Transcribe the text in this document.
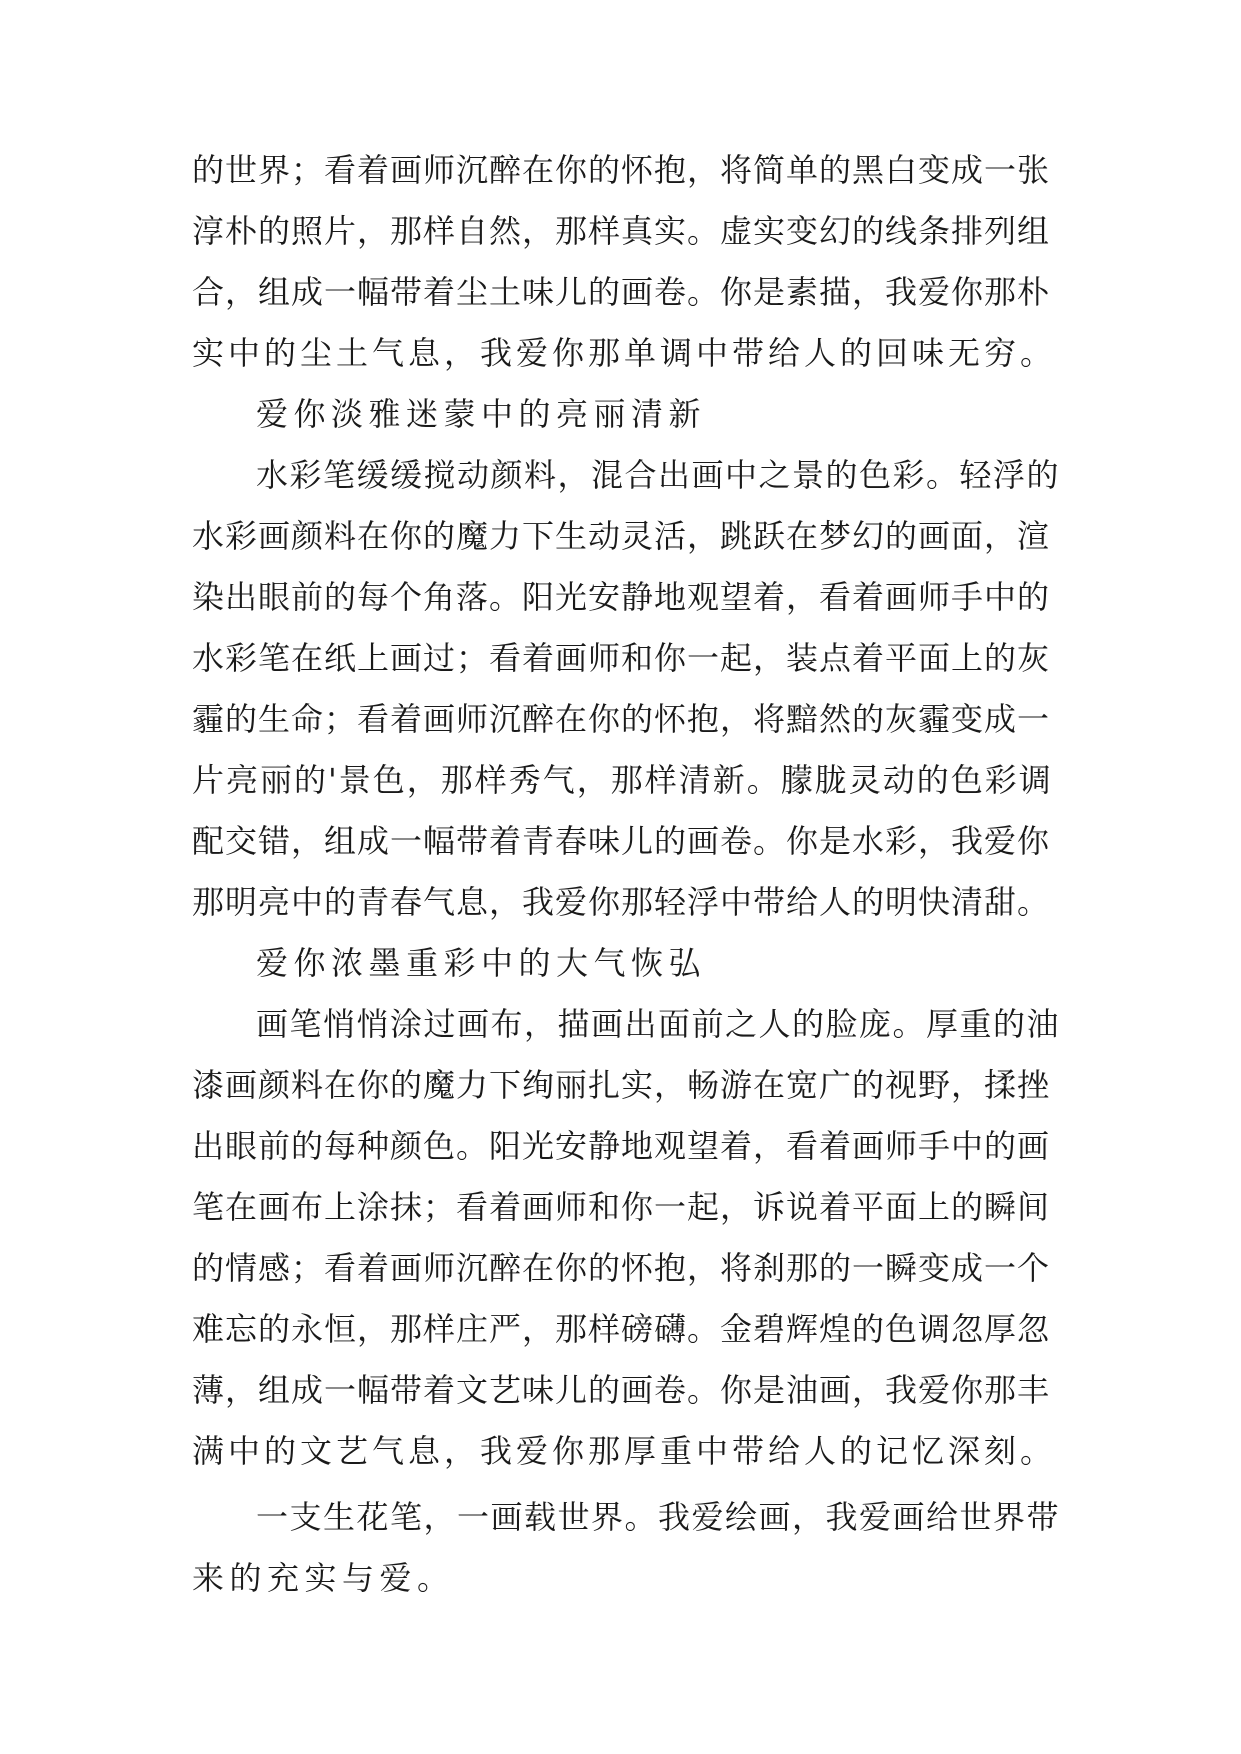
的世界；看着画师沉醉在你的怀抱，将简单的黑白变成一张
淳朴的照片，那样自然，那样真实。虚实变幻的线条排列组
合，组成一幅带着尘土味儿的画卷。你是素描，我爱你那朴
实中的尘土气息，我爱你那单调中带给人的回味无穷。
爱你淡雅迷蒙中的亮丽清新
水彩笔缓缓搅动颜料，混合出画中之景的色彩。轻浮的
水彩画颜料在你的魔力下生动灵活，跳跃在梦幻的画面，渲
染出眼前的每个角落。阳光安静地观望着，看着画师手中的
水彩笔在纸上画过；看着画师和你一起，装点着平面上的灰
霾的生命；看着画师沉醉在你的怀抱，将黯然的灰霾变成一
片亮丽的'景色，那样秀气，那样清新。朦胧灵动的色彩调
配交错，组成一幅带着青春味儿的画卷。你是水彩，我爱你
那明亮中的青春气息，我爱你那轻浮中带给人的明快清甜。
爱你浓墨重彩中的大气恢弘
画笔悄悄涂过画布，描画出面前之人的脸庞。厚重的油
漆画颜料在你的魔力下绚丽扎实，畅游在宽广的视野，揉挫
出眼前的每种颜色。阳光安静地观望着，看着画师手中的画
笔在画布上涂抹；看着画师和你一起，诉说着平面上的瞬间
的情感；看着画师沉醉在你的怀抱，将刹那的一瞬变成一个
难忘的永恒，那样庄严，那样磅礴。金碧辉煌的色调忽厚忽
薄，组成一幅带着文艺味儿的画卷。你是油画，我爱你那丰
满中的文艺气息，我爱你那厚重中带给人的记忆深刻。
一支生花笔，一画载世界。我爱绘画，我爱画给世界带
来的充实与爱。
